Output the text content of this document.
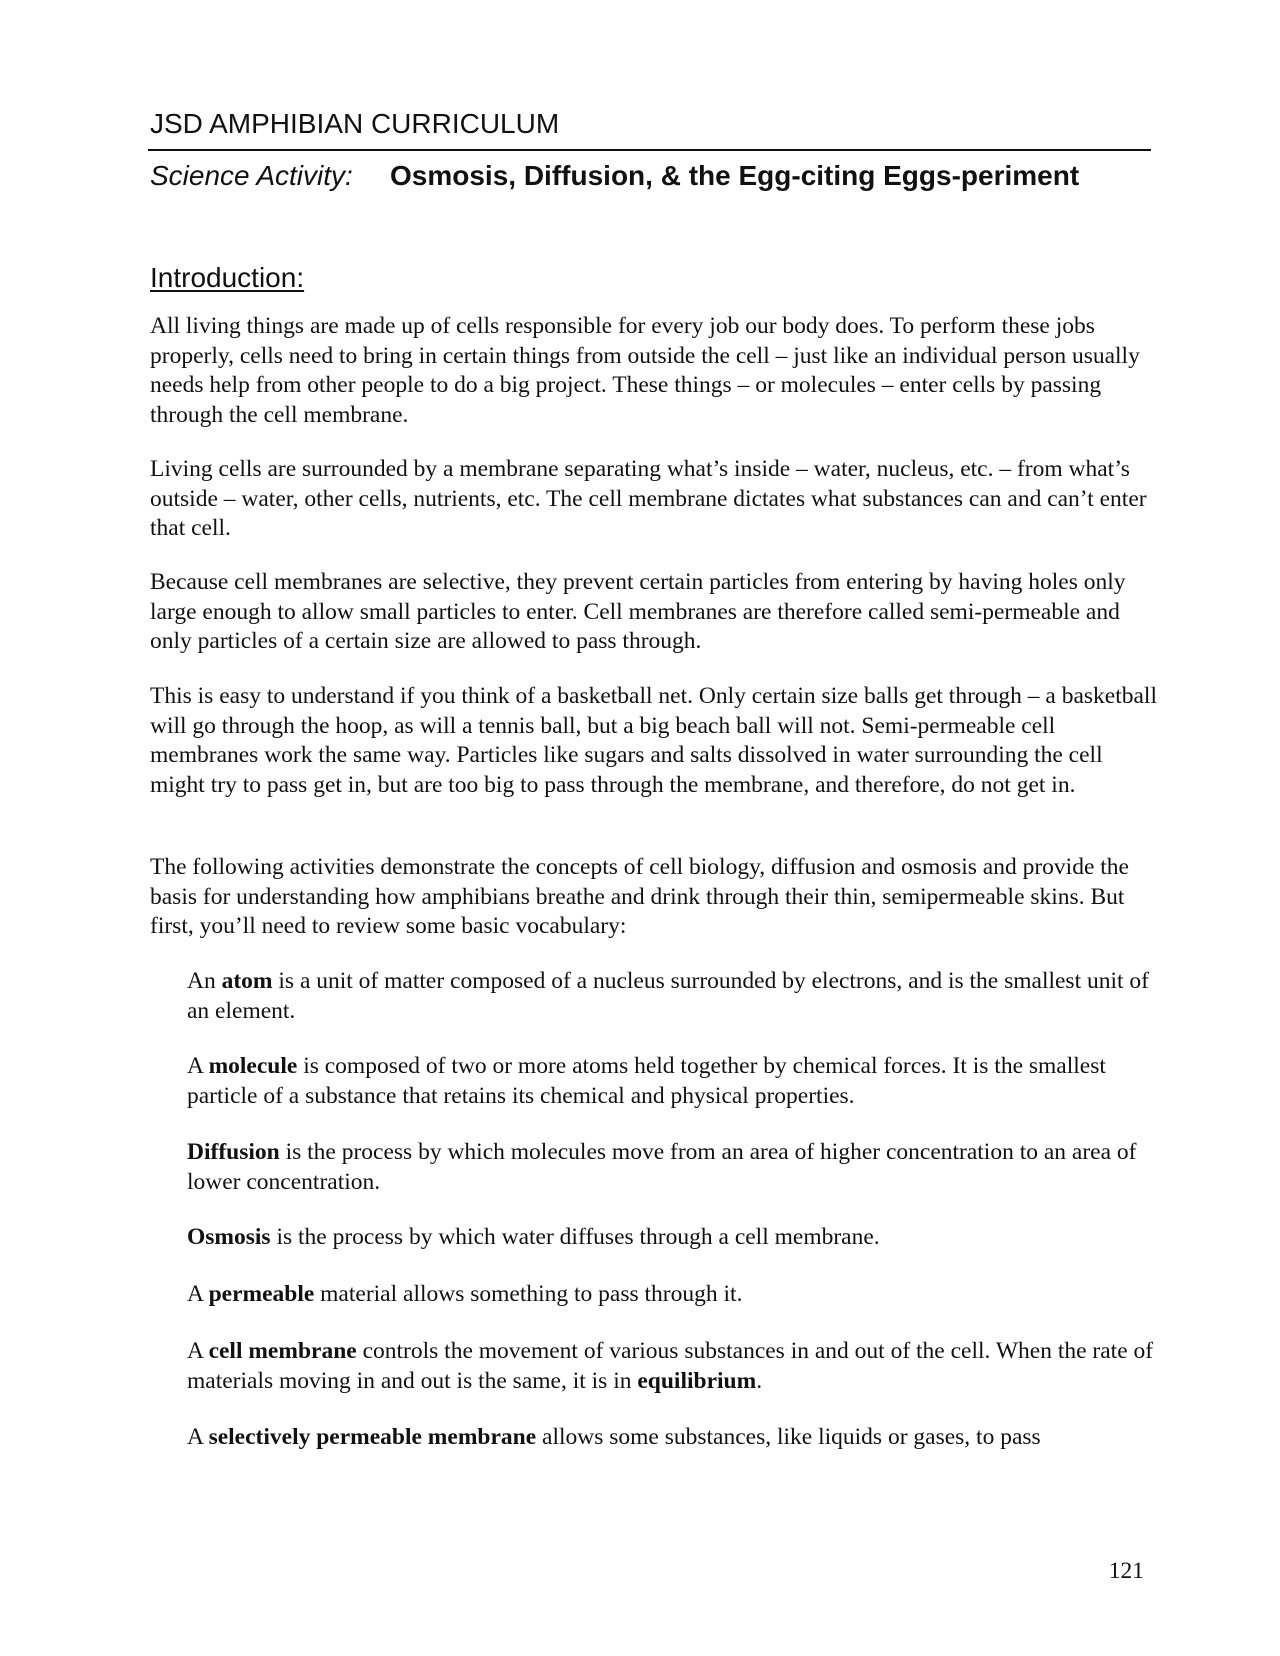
JSD AMPHIBIAN CURRICULUM
Science Activity: Osmosis, Diffusion, & the Egg-citing Eggs-periment
Introduction:

All living things are made up of cells responsible for every job our body does. To perform these jobs properly, cells need to bring in certain things from outside the cell – just like an individual person usually needs help from other people to do a big project. These things – or molecules – enter cells by passing through the cell membrane.

Living cells are surrounded by a membrane separating what’s inside – water, nucleus, etc. – from what’s outside – water, other cells, nutrients, etc. The cell membrane dictates what substances can and can’t enter that cell.

Because cell membranes are selective, they prevent certain particles from entering by having holes only large enough to allow small particles to enter. Cell membranes are therefore called semi-permeable and only particles of a certain size are allowed to pass through.

This is easy to understand if you think of a basketball net. Only certain size balls get through – a basketball will go through the hoop, as will a tennis ball, but a big beach ball will not. Semi-permeable cell membranes work the same way. Particles like sugars and salts dissolved in water surrounding the cell might try to pass get in, but are too big to pass through the membrane, and therefore, do not get in.

The following activities demonstrate the concepts of cell biology, diffusion and osmosis and provide the basis for understanding how amphibians breathe and drink through their thin, semipermeable skins. But first, you’ll need to review some basic vocabulary:

An atom is a unit of matter composed of a nucleus surrounded by electrons, and is the smallest unit of an element.

A molecule is composed of two or more atoms held together by chemical forces. It is the smallest particle of a substance that retains its chemical and physical properties.

Diffusion is the process by which molecules move from an area of higher concentration to an area of lower concentration.

Osmosis is the process by which water diffuses through a cell membrane.

A permeable material allows something to pass through it.

A cell membrane controls the movement of various substances in and out of the cell. When the rate of materials moving in and out is the same, it is in equilibrium.

A selectively permeable membrane allows some substances, like liquids or gases, to pass

121
